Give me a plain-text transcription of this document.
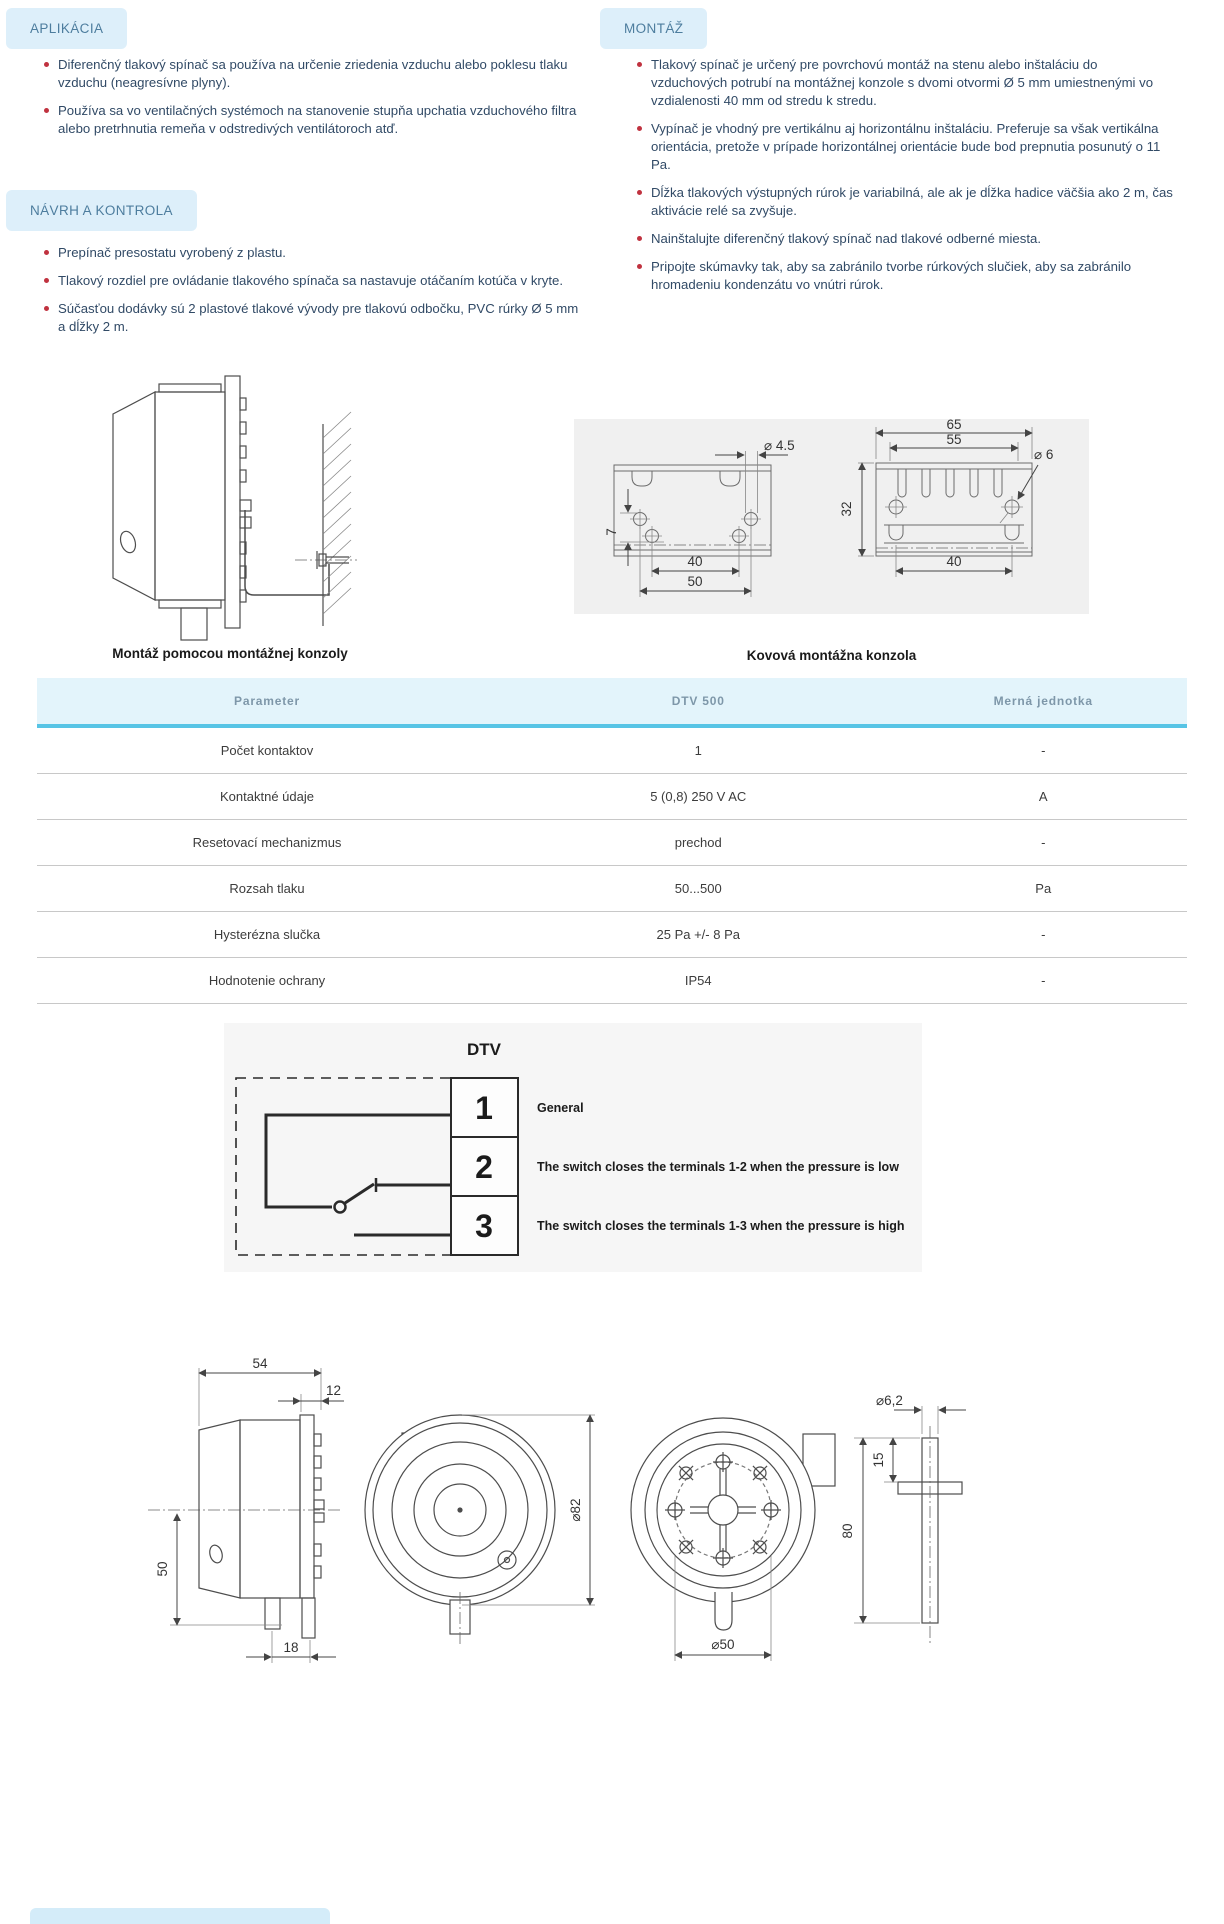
APLIKÁCIA	MONTÁŽ
NÁVRH A KONTROLA
Diferenčný tlakový spínač sa používa na určenie zriedenia vzduchu alebo poklesu tlaku vzduchu (neagresívne plyny).
Používa sa vo ventilačných systémoch na stanovenie stupňa upchatia vzduchového filtra alebo pretrhnutia remeňa v odstredivých ventilátoroch atď.
Prepínač presostatu vyrobený z plastu.
Tlakový rozdiel pre ovládanie tlakového spínača sa nastavuje otáčaním kotúča v kryte.
Súčasťou dodávky sú 2 plastové tlakové vývody pre tlakovú odbočku, PVC rúrky Ø 5 mm a dĺžky 2 m.
Tlakový spínač je určený pre povrchovú montáž na stenu alebo inštaláciu do vzduchových potrubí na montážnej konzole s dvomi otvormi Ø 5 mm umiestnenými vo vzdialenosti 40 mm od stredu k stredu.
Vypínač je vhodný pre vertikálnu aj horizontálnu inštaláciu. Preferuje sa však vertikálna orientácia, pretože v prípade horizontálnej orientácie bude bod prepnutia posunutý o 11 Pa.
Dĺžka tlakových výstupných rúrok je variabilná, ale ak je dĺžka hadice väčšia ako 2 m, čas aktivácie relé sa zvyšuje.
Nainštalujte diferenčný tlakový spínač nad tlakové odberné miesta.
Pripojte skúmavky tak, aby sa zabránilo tvorbe rúrkových slučiek, aby sa zabránilo hromadeniu kondenzátu vo vnútri rúrok.
Montáž pomocou montážnej konzoly
⌀ 4.5
7
40
50
65
55
32
40
⌀ 6
Kovová montážna konzola
Parameter	DTV 500	Merná jednotka
Počet kontaktov	1	-
Kontaktné údaje	5 (0,8) 250 V AC	A
Resetovací mechanizmus	prechod	-
Rozsah tlaku	50...500	Pa
Hysterézna slučka	25 Pa +/- 8 Pa	-
Hodnotenie ochrany	IP54	-
DTV
1
2
3
General
The switch closes the terminals 1-2 when the pressure is low
The switch closes the terminals 1-3 when the pressure is high
54
12
50
18
⌀82
⌀50
⌀6,2
15
80
